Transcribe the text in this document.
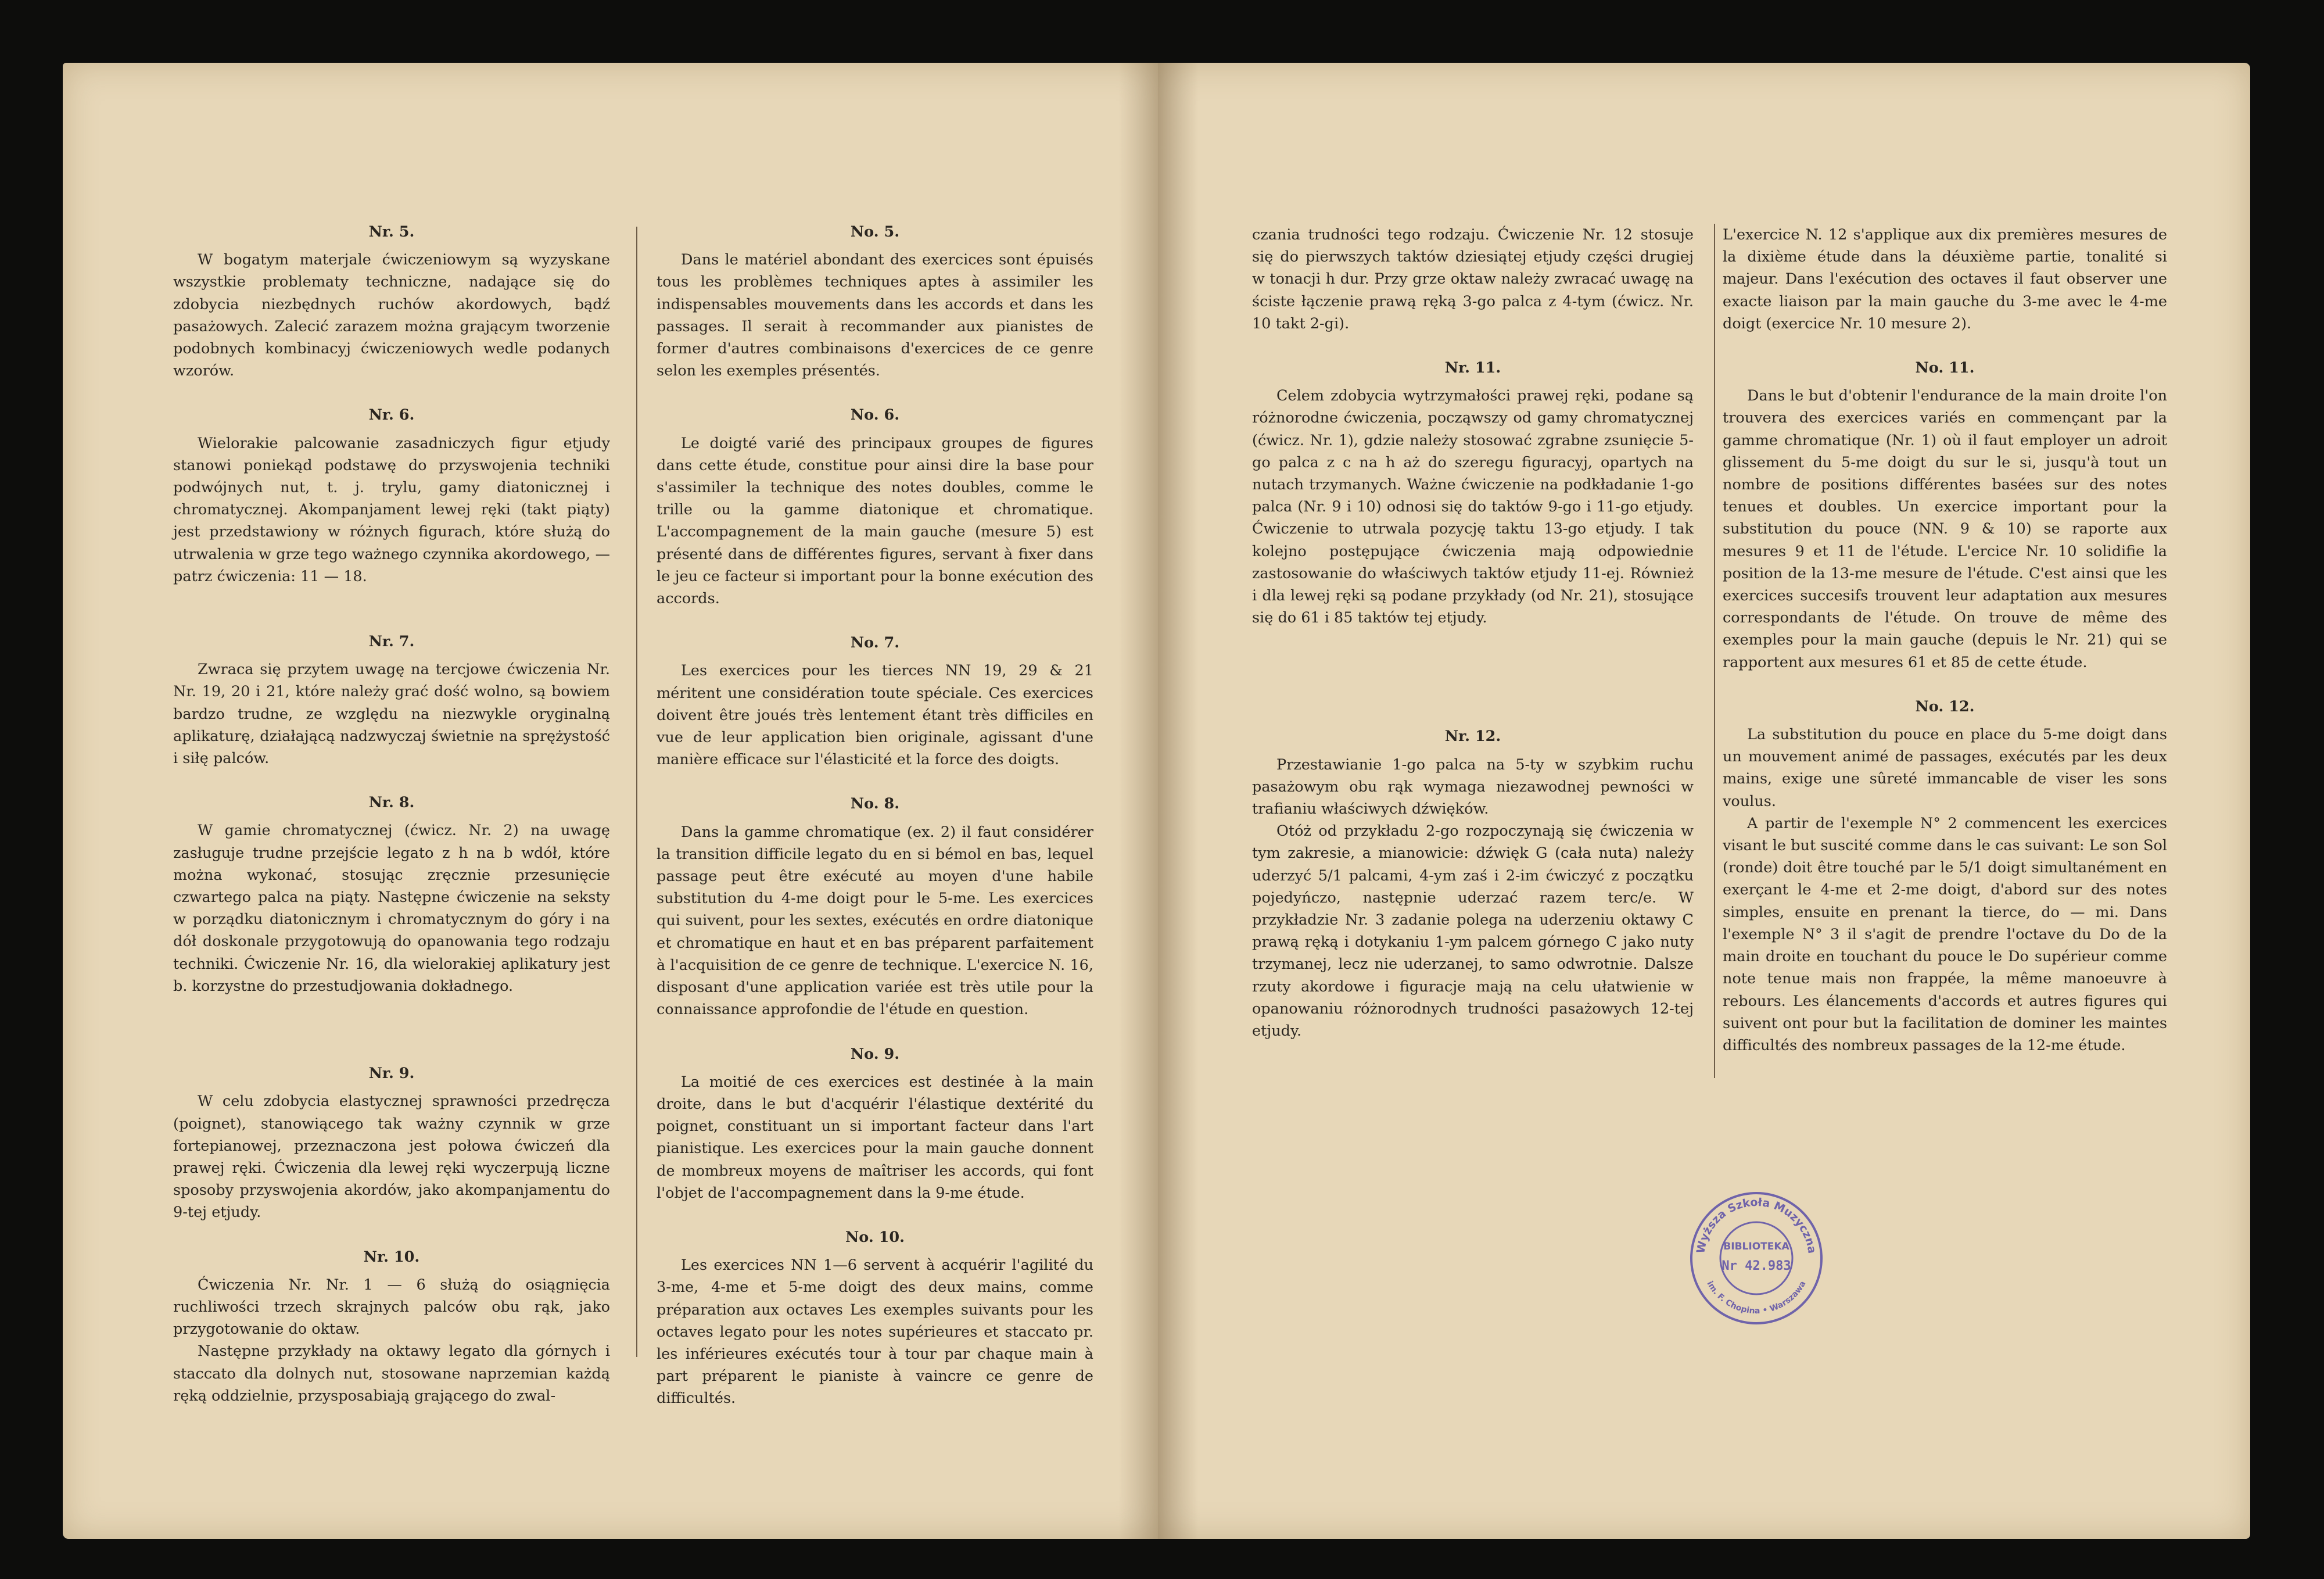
Nr. 5.

W bogatym materjale ćwiczeniowym są wyzyskane wszystkie problematy techniczne, nadające się do zdobycia niezbędnych ruchów akordowych, bądź pasażowych. Zalecić zarazem można grającym tworzenie podobnych kombinacyj ćwiczeniowych wedle podanych wzorów.

Nr. 6.

Wielorakie palcowanie zasadniczych figur etjudy stanowi poniekąd podstawę do przyswojenia techniki podwójnych nut, t. j. trylu, gamy diatonicznej i chromatycznej. Akompanjament lewej ręki (takt piąty) jest przedstawiony w różnych figurach, które służą do utrwalenia w grze tego ważnego czynnika akordowego, — patrz ćwiczenia: 11 — 18.

Nr. 7.

Zwraca się przytem uwagę na tercjowe ćwiczenia Nr. Nr. 19, 20 i 21, które należy grać dość wolno, są bowiem bardzo trudne, ze względu na niezwykle oryginalną aplikaturę, działającą nadzwyczaj świetnie na sprężystość i siłę palców.

Nr. 8.

W gamie chromatycznej (ćwicz. Nr. 2) na uwagę zasługuje trudne przejście legato z h na b wdół, które można wykonać, stosując zręcznie przesunięcie czwartego palca na piąty. Następne ćwiczenie na seksty w porządku diatonicznym i chromatycznym do góry i na dół doskonale przygotowują do opanowania tego rodzaju techniki. Ćwiczenie Nr. 16, dla wielorakiej aplikatury jest b. korzystne do przestudjowania dokładnego.

Nr. 9.

W celu zdobycia elastycznej sprawności przedręcza (poignet), stanowiącego tak ważny czynnik w grze fortepianowej, przeznaczona jest połowa ćwiczeń dla prawej ręki. Ćwiczenia dla lewej ręki wyczerpują liczne sposoby przyswojenia akordów, jako akompanjamentu do 9-tej etjudy.

Nr. 10.

Ćwiczenia Nr. Nr. 1 — 6 służą do osiągnięcia ruchliwości trzech skrajnych palców obu rąk, jako przygotowanie do oktaw.

Następne przykłady na oktawy legato dla górnych i staccato dla dolnych nut, stosowane naprzemian każdą ręką oddzielnie, przysposabiają grającego do zwal-

No. 5.

Dans le matériel abondant des exercices sont épuisés tous les problèmes techniques aptes à assimiler les indispensables mouvements dans les accords et dans les passages. Il serait à recommander aux pianistes de former d'autres combinaisons d'exercices de ce genre selon les exemples présentés.

No. 6.

Le doigté varié des principaux groupes de figures dans cette étude, constitue pour ainsi dire la base pour s'assimiler la technique des notes doubles, comme le trille ou la gamme diatonique et chromatique. L'accompagnement de la main gauche (mesure 5) est présenté dans de différentes figures, servant à fixer dans le jeu ce facteur si important pour la bonne exécution des accords.

No. 7.

Les exercices pour les tierces NN 19, 29 & 21 méritent une considération toute spéciale. Ces exercices doivent être joués très lentement étant très difficiles en vue de leur application bien originale, agissant d'une manière efficace sur l'élasticité et la force des doigts.

No. 8.

Dans la gamme chromatique (ex. 2) il faut considérer la transition difficile legato du en si bémol en bas, lequel passage peut être exécuté au moyen d'une habile substitution du 4-me doigt pour le 5-me. Les exercices qui suivent, pour les sextes, exécutés en ordre diatonique et chromatique en haut et en bas préparent parfaitement à l'acquisition de ce genre de technique. L'exercice N. 16, disposant d'une application variée est très utile pour la connaissance approfondie de l'étude en question.

No. 9.

La moitié de ces exercices est destinée à la main droite, dans le but d'acquérir l'élastique dextérité du poignet, constituant un si important facteur dans l'art pianistique. Les exercices pour la main gauche donnent de mombreux moyens de maîtriser les accords, qui font l'objet de l'accompagnement dans la 9-me étude.

No. 10.

Les exercices NN 1—6 servent à acquérir l'agilité du 3-me, 4-me et 5-me doigt des deux mains, comme préparation aux octaves Les exemples suivants pour les octaves legato pour les notes supérieures et staccato pr. les inférieures exécutés tour à tour par chaque main à part préparent le pianiste à vaincre ce genre de difficultés.

czania trudności tego rodzaju. Ćwiczenie Nr. 12 stosuje się do pierwszych taktów dziesiątej etjudy części drugiej w tonacji h dur. Przy grze oktaw należy zwracać uwagę na ściste łączenie prawą ręką 3-go palca z 4-tym (ćwicz. Nr. 10 takt 2-gi).

Nr. 11.

Celem zdobycia wytrzymałości prawej ręki, podane są różnorodne ćwiczenia, począwszy od gamy chromatycznej (ćwicz. Nr. 1), gdzie należy stosować zgrabne zsunięcie 5-go palca z c na h aż do szeregu figuracyj, opartych na nutach trzymanych. Ważne ćwiczenie na podkładanie 1-go palca (Nr. 9 i 10) odnosi się do taktów 9-go i 11-go etjudy. Ćwiczenie to utrwala pozycję taktu 13-go etjudy. I tak kolejno postępujące ćwiczenia mają odpowiednie zastosowanie do właściwych taktów etjudy 11-ej. Również i dla lewej ręki są podane przykłady (od Nr. 21), stosujące się do 61 i 85 taktów tej etjudy.

Nr. 12.

Przestawianie 1-go palca na 5-ty w szybkim ruchu pasażowym obu rąk wymaga niezawodnej pewności w trafianiu właściwych dźwięków.

Otóż od przykładu 2-go rozpoczynają się ćwiczenia w tym zakresie, a mianowicie: dźwięk G (cała nuta) należy uderzyć 5/1 palcami, 4-ym zaś i 2-im ćwiczyć z początku pojedyńczo, następnie uderzać razem terc/e. W przykładzie Nr. 3 zadanie polega na uderzeniu oktawy C prawą ręką i dotykaniu 1-ym palcem górnego C jako nuty trzymanej, lecz nie uderzanej, to samo odwrotnie. Dalsze rzuty akordowe i figuracje mają na celu ułatwienie w opanowaniu różnorodnych trudności pasażowych 12-tej etjudy.

L'exercice N. 12 s'applique aux dix premières mesures de la dixième étude dans la déuxième partie, tonalité si majeur. Dans l'exécution des octaves il faut observer une exacte liaison par la main gauche du 3-me avec le 4-me doigt (exercice Nr. 10 mesure 2).

No. 11.

Dans le but d'obtenir l'endurance de la main droite l'on trouvera des exercices variés en commençant par la gamme chromatique (Nr. 1) où il faut employer un adroit glissement du 5-me doigt du sur le si, jusqu'à tout un nombre de positions différentes basées sur des notes tenues et doubles. Un exercice important pour la substitution du pouce (NN. 9 & 10) se raporte aux mesures 9 et 11 de l'étude. L'ercice Nr. 10 solidifie la position de la 13-me mesure de l'étude. C'est ainsi que les exercices succesifs trouvent leur adaptation aux mesures correspondants de l'étude. On trouve de même des exemples pour la main gauche (depuis le Nr. 21) qui se rapportent aux mesures 61 et 85 de cette étude.

No. 12.

La substitution du pouce en place du 5-me doigt dans un mouvement animé de passages, exécutés par les deux mains, exige une sûreté immancable de viser les sons voulus.

A partir de l'exemple N° 2 commencent les exercices visant le but suscité comme dans le cas suivant: Le son Sol (ronde) doit être touché par le 5/1 doigt simultanément en exerçant le 4-me et 2-me doigt, d'abord sur des notes simples, ensuite en prenant la tierce, do — mi. Dans l'exemple N° 3 il s'agit de prendre l'octave du Do de la main droite en touchant du pouce le Do supérieur comme note tenue mais non frappée, la même manoeuvre à rebours. Les élancements d'accords et autres figures qui suivent ont pour but la facilitation de dominer les maintes difficultés des nombreux passages de la 12-me étude.

Wyższa Szkoła Muzyczna
im. F. Chopina • Warszawa
BIBLIOTEKA
Nr 42.983
